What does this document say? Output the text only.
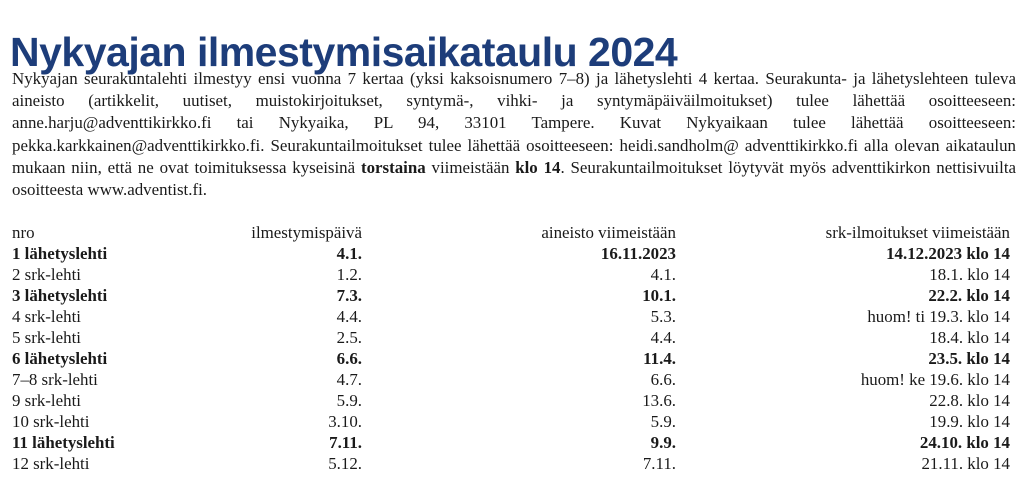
Nykyajan ilmestymisaikataulu 2024

Nykyajan seurakuntalehti ilmestyy ensi vuonna 7 kertaa (yksi kaksoisnumero 7–8) ja lähetyslehti 4 kertaa. Seurakunta- ja lähetyslehteen tuleva aineisto (artikkelit, uutiset, muistokirjoitukset, syntymä-, vihki- ja syntymäpäiväilmoitukset) tulee lähettää osoitteeseen: anne.harju@adventtikirkko.fi tai Nykyaika, PL 94, 33101 Tampere. Kuvat Nykyaikaan tulee lähettää osoitteeseen: pekka.karkkainen@adventtikirkko.fi. Seurakuntailmoitukset tulee lähettää osoitteeseen: heidi.sandholm@ adventtikirkko.fi alla olevan aikataulun mukaan niin, että ne ovat toimituksessa kyseisinä torstaina viimeistään klo 14. Seurakuntailmoitukset löytyvät myös adventtikirkon nettisivuilta osoitteesta www.adventist.fi.

nro	ilmestymispäivä	aineisto viimeistään	srk-ilmoitukset viimeistään
1 lähetyslehti	4.1.	16.11.2023	14.12.2023 klo 14
2 srk-lehti	1.2.	4.1.	18.1. klo 14
3 lähetyslehti	7.3.	10.1.	22.2. klo 14
4 srk-lehti	4.4.	5.3.	huom! ti 19.3. klo 14
5 srk-lehti	2.5.	4.4.	18.4. klo 14
6 lähetyslehti	6.6.	11.4.	23.5. klo 14
7–8 srk-lehti	4.7.	6.6.	huom! ke 19.6. klo 14
9 srk-lehti	5.9.	13.6.	22.8. klo 14
10 srk-lehti	3.10.	5.9.	19.9. klo 14
11 lähetyslehti	7.11.	9.9.	24.10. klo 14
12 srk-lehti	5.12.	7.11.	21.11. klo 14
